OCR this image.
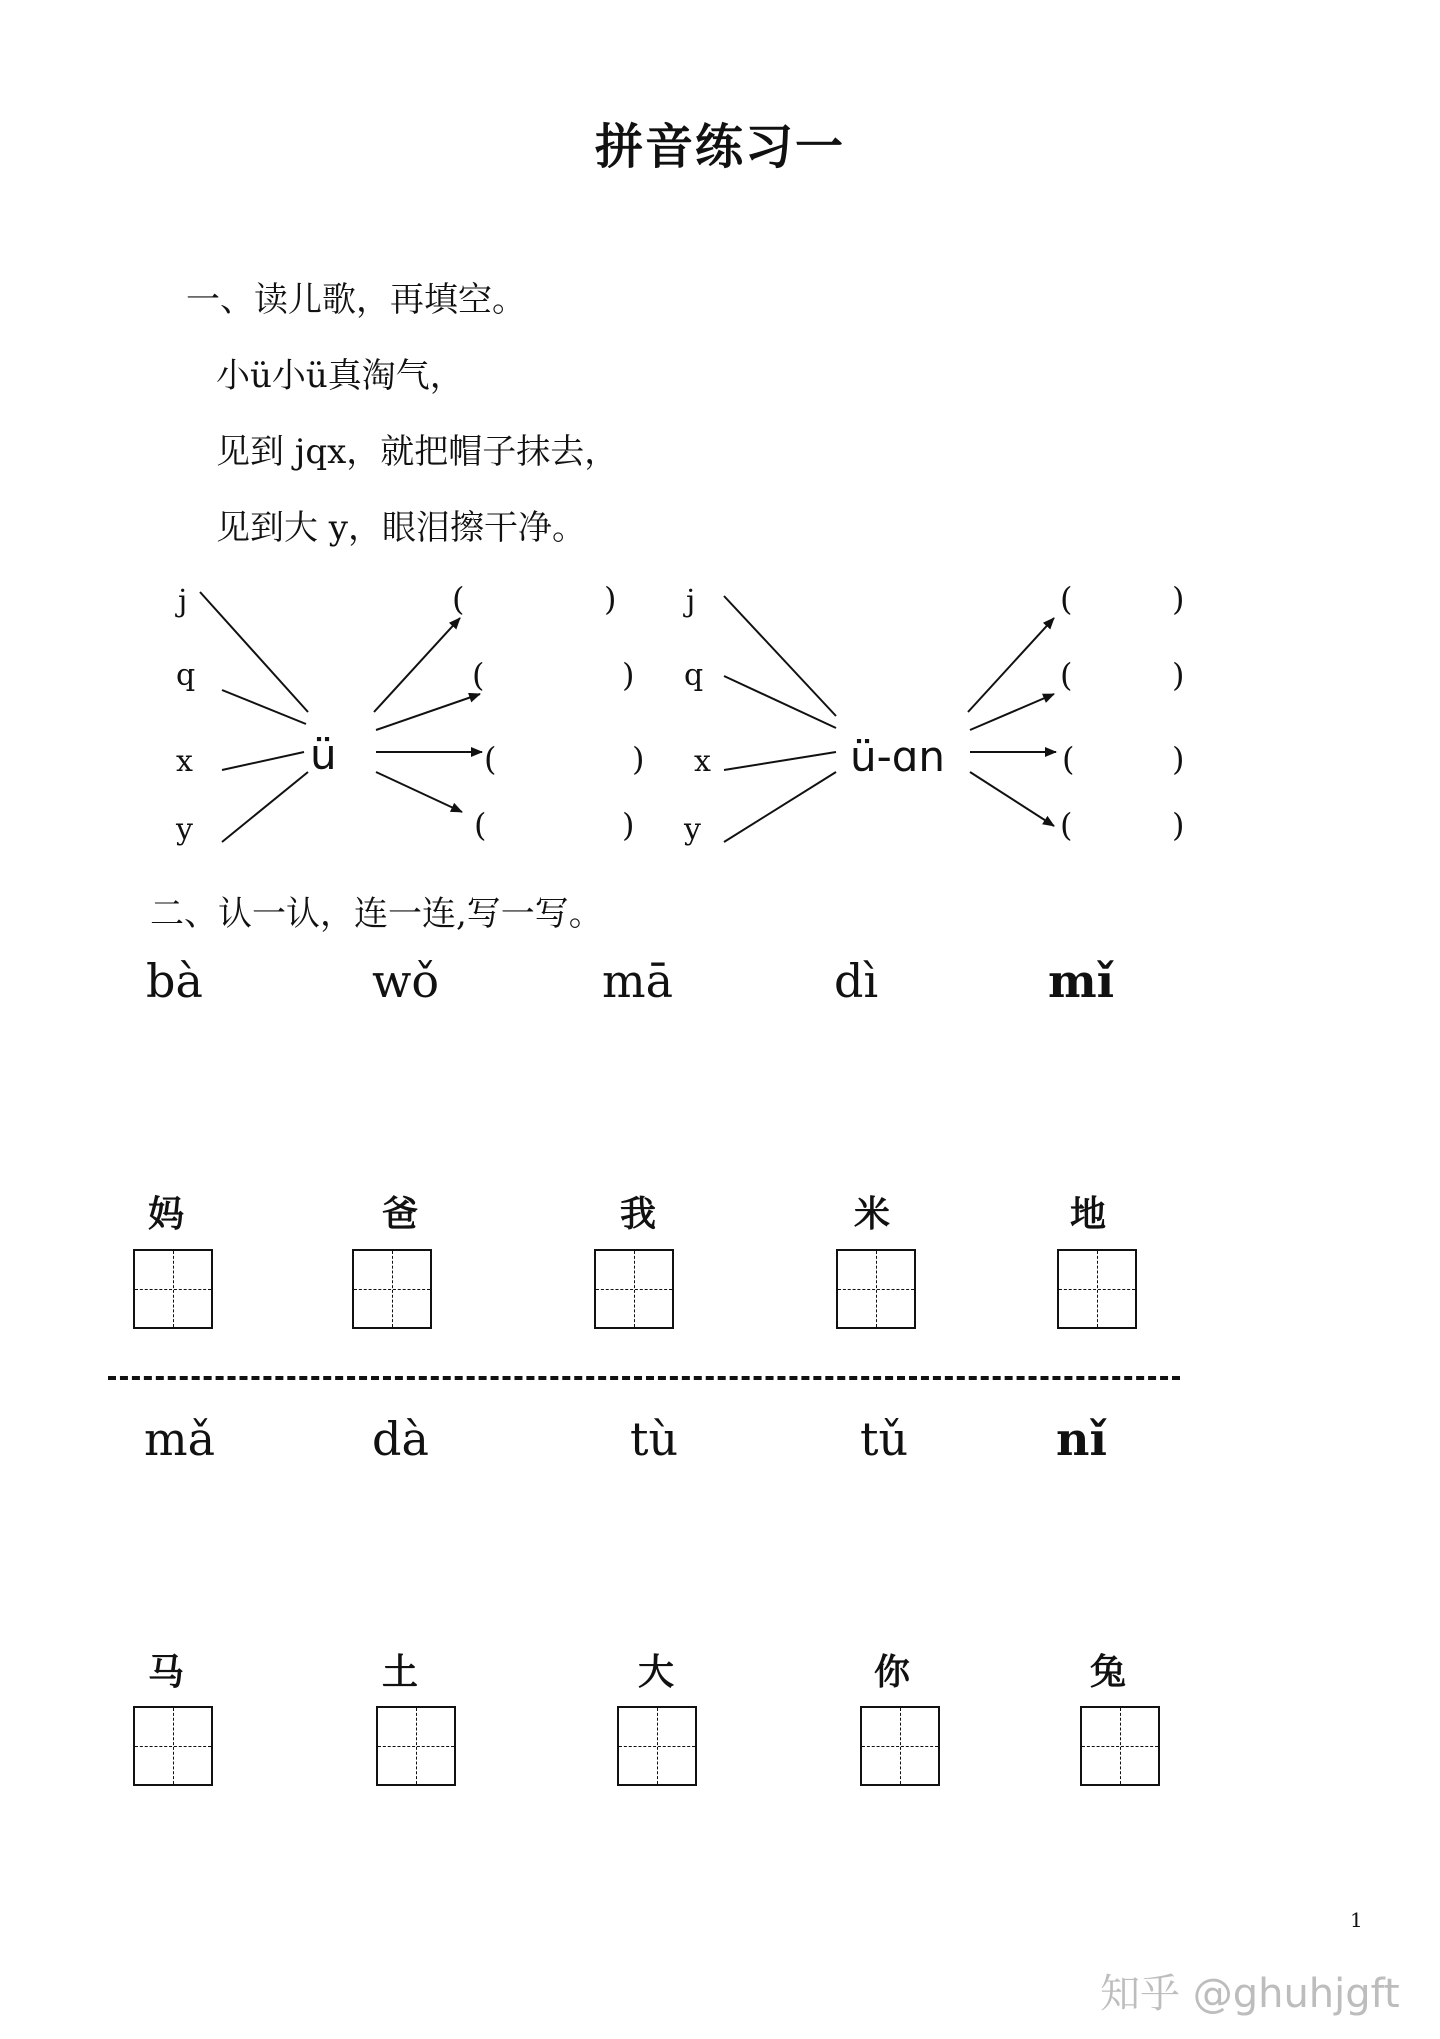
拼音练习一
一、读儿歌，再填空。
小ü小ü真淘气，
见到 jqx，就把帽子抹去，
见到大 y，眼泪擦干净。
j
q
x
y
ü
(	)
(	)
(	)
(	)
j
q
x
y
ü-ɑn
(	)
(	)
(	)
(	)
二、认一认，连一连,写一写。
bà	wǒ	mā	dì	mǐ
妈	爸	我	米	地
mǎ	dà	tù	tǔ	nǐ
马	土	大	你	兔
1
知乎 @ghuhjgft
